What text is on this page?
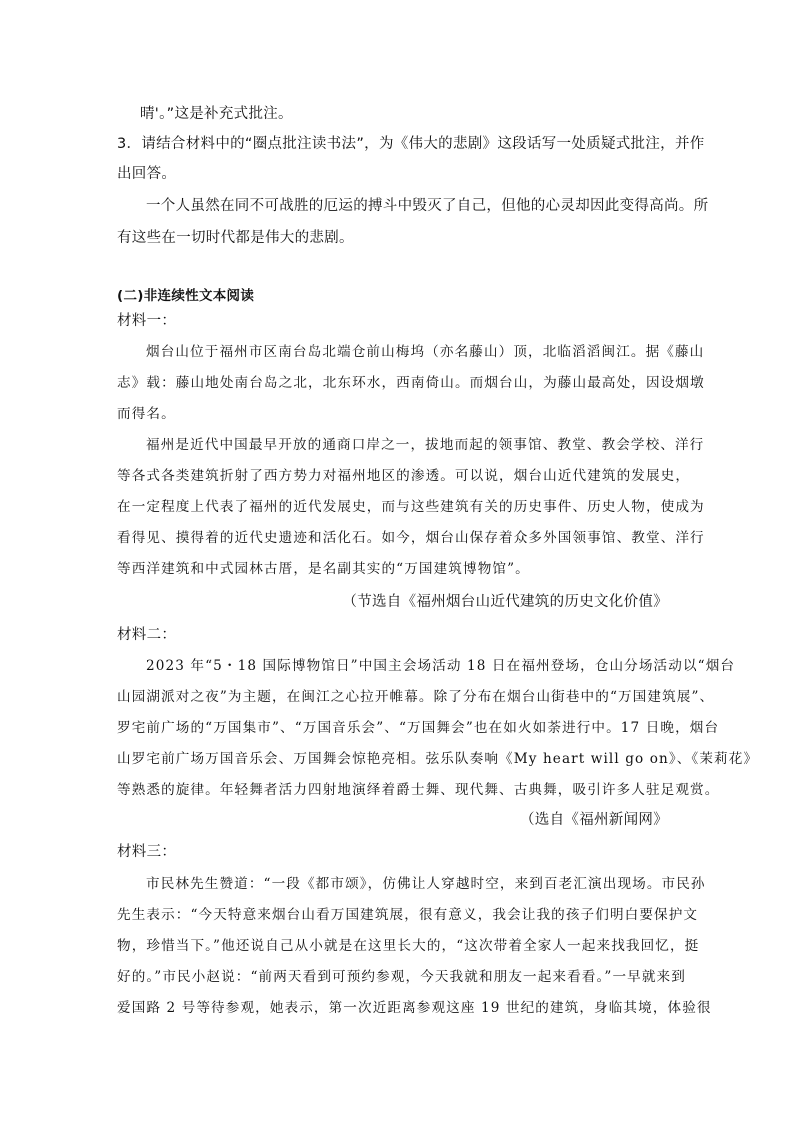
晴'。”这是补充式批注。
3．请结合材料中的“圈点批注读书法”，为《伟大的悲剧》这段话写一处质疑式批注，并作
出回答。
一个人虽然在同不可战胜的厄运的搏斗中毁灭了自己，但他的心灵却因此变得高尚。所
有这些在一切时代都是伟大的悲剧。
(二)非连续性文本阅读
材料一：
烟台山位于福州市区南台岛北端仓前山梅坞（亦名藤山）顶，北临滔滔闽江。据《藤山
志》载：藤山地处南台岛之北，北东环水，西南倚山。而烟台山，为藤山最高处，因设烟墩
而得名。
福州是近代中国最早开放的通商口岸之一，拔地而起的领事馆、教堂、教会学校、洋行
等各式各类建筑折射了西方势力对福州地区的渗透。可以说，烟台山近代建筑的发展史，
在一定程度上代表了福州的近代发展史，而与这些建筑有关的历史事件、历史人物，使成为
看得见、摸得着的近代史遗迹和活化石。如今，烟台山保存着众多外国领事馆、教堂、洋行
等西洋建筑和中式园林古厝，是名副其实的“万国建筑博物馆”。
（节选自《福州烟台山近代建筑的历史文化价值》
材料二：
2023 年“5・18 国际博物馆日”中国主会场活动 18 日在福州登场，仓山分场活动以“烟台
山园湖派对之夜”为主题，在闽江之心拉开帷幕。除了分布在烟台山街巷中的“万国建筑展”、
罗宅前广场的“万国集市”、“万国音乐会”、“万国舞会”也在如火如荼进行中。17 日晚，烟台
山罗宅前广场万国音乐会、万国舞会惊艳亮相。弦乐队奏响《My heart will go on》、《茉莉花》
等熟悉的旋律。年轻舞者活力四射地演绎着爵士舞、现代舞、古典舞，吸引许多人驻足观赏。
（选自《福州新闻网》
材料三：
市民林先生赞道：“一段《都市颂》，仿佛让人穿越时空，来到百老汇演出现场。市民孙
先生表示：“今天特意来烟台山看万国建筑展，很有意义，我会让我的孩子们明白要保护文
物，珍惜当下。”他还说自己从小就是在这里长大的，“这次带着全家人一起来找我回忆，挺
好的。”市民小赵说：“前两天看到可预约参观，今天我就和朋友一起来看看。”一早就来到
爱国路 2 号等待参观，她表示，第一次近距离参观这座 19 世纪的建筑，身临其境，体验很
